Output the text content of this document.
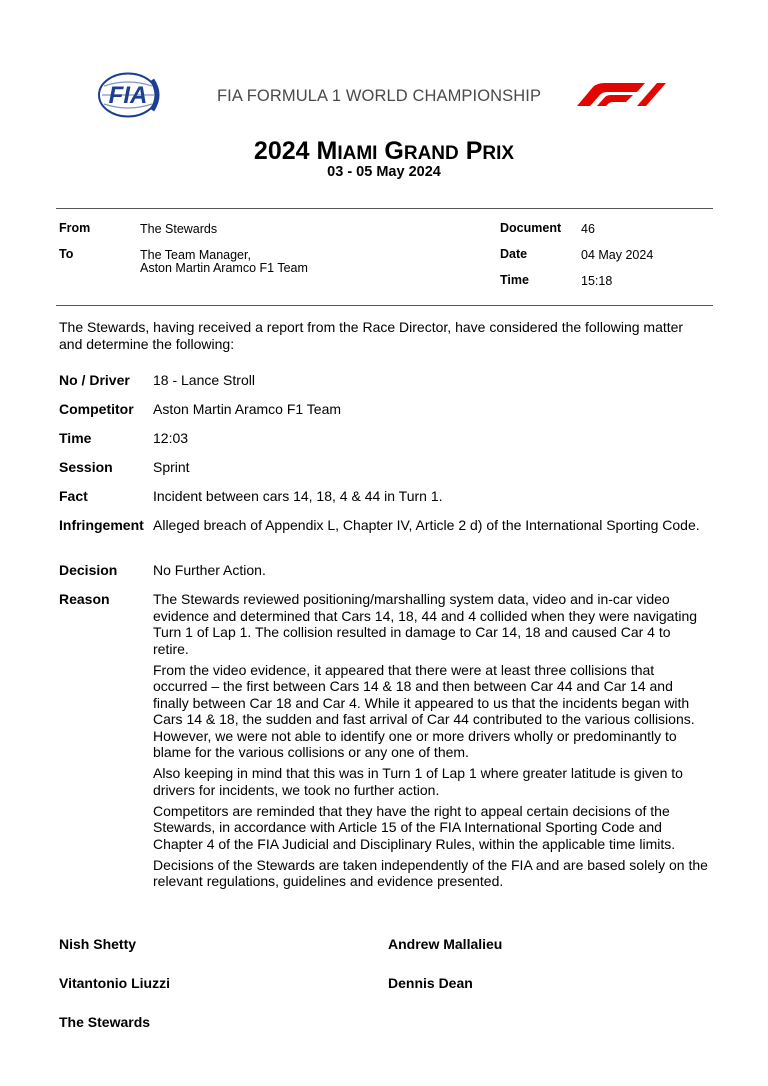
FIA	FIA FORMULA 1 WORLD CHAMPIONSHIP
2024 MIAMI GRAND PRIX
03 - 05 May 2024
From	The Stewards
To	The Team Manager,
Aston Martin Aramco F1 Team
Document 46
Date	04 May 2024
Time	15:18
The Stewards, having received a report from the Race Director, have considered the following matter and determine the following:
No / Driver 18 - Lance Stroll
Competitor Aston Martin Aramco F1 Team
Time	12:03
Session	Sprint
Fact	Incident between cars 14, 18, 4 & 44 in Turn 1.
Infringement Alleged breach of Appendix L, Chapter IV, Article 2 d) of the International Sporting Code.
Decision	No Further Action.
Reason	The Stewards reviewed positioning/marshalling system data, video and in-car video evidence and determined that Cars 14, 18, 44 and 4 collided when they were navigating Turn 1 of Lap 1. The collision resulted in damage to Car 14, 18 and caused Car 4 to retire.

From the video evidence, it appeared that there were at least three collisions that occurred – the first between Cars 14 & 18 and then between Car 44 and Car 14 and finally between Car 18 and Car 4. While it appeared to us that the incidents began with Cars 14 & 18, the sudden and fast arrival of Car 44 contributed to the various collisions. However, we were not able to identify one or more drivers wholly or predominantly to blame for the various collisions or any one of them.

Also keeping in mind that this was in Turn 1 of Lap 1 where greater latitude is given to drivers for incidents, we took no further action.

Competitors are reminded that they have the right to appeal certain decisions of the Stewards, in accordance with Article 15 of the FIA International Sporting Code and Chapter 4 of the FIA Judicial and Disciplinary Rules, within the applicable time limits.

Decisions of the Stewards are taken independently of the FIA and are based solely on the relevant regulations, guidelines and evidence presented.

Nish Shetty	Andrew Mallalieu
Vitantonio Liuzzi	Dennis Dean
The Stewards
